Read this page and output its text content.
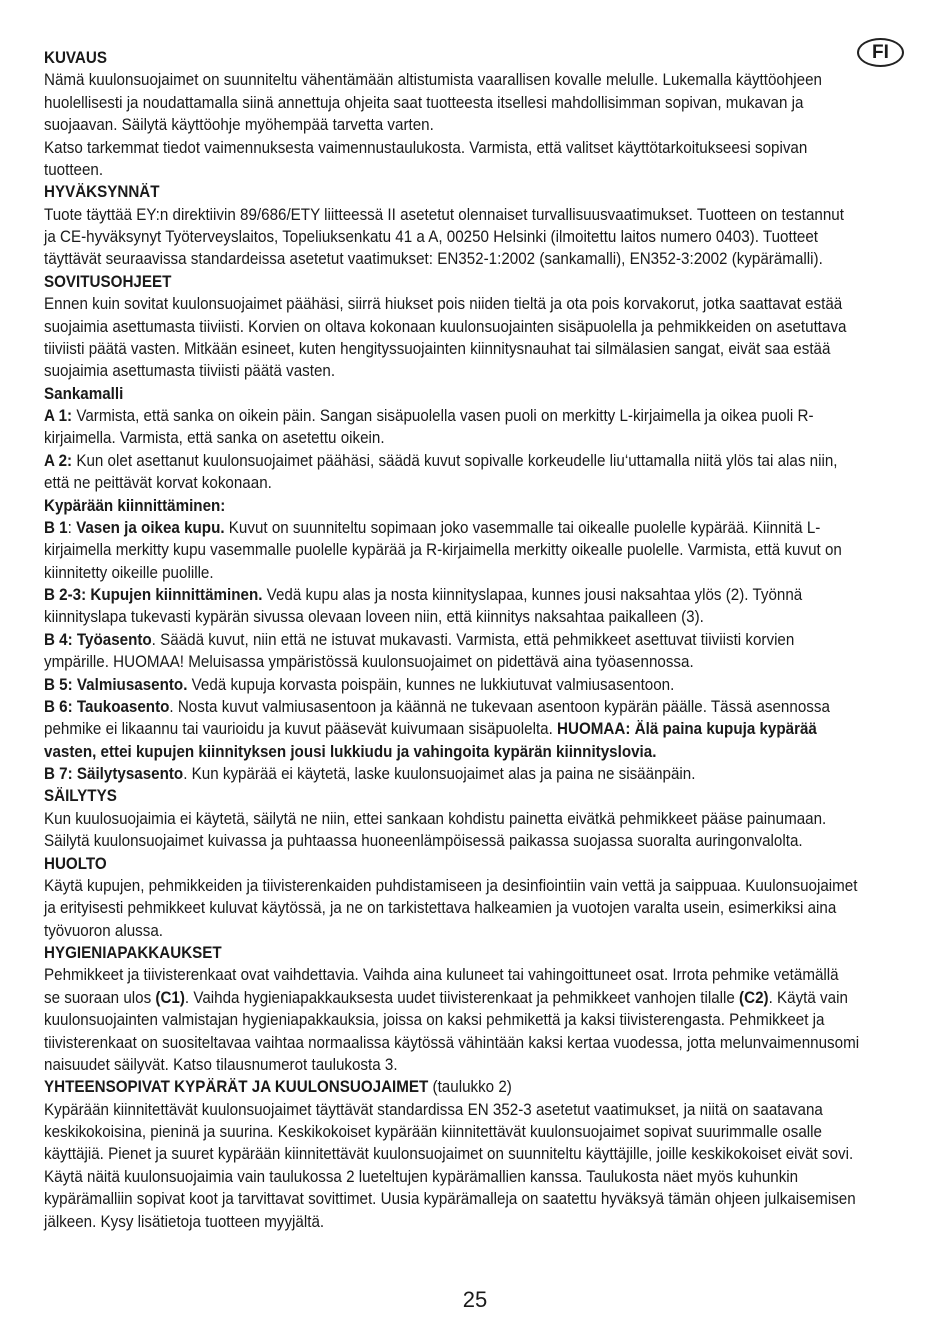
FI
KUVAUS
Nämä kuulonsuojaimet on suunniteltu vähentämään altistumista vaarallisen kovalle melulle. Lukemalla käyttöohjeen
huolellisesti ja noudattamalla siinä annettuja ohjeita saat tuotteesta itsellesi mahdollisimman sopivan, mukavan ja
suojaavan. Säilytä käyttöohje myöhempää tarvetta varten.
Katso tarkemmat tiedot vaimennuksesta vaimennustaulukosta. Varmista, että valitset käyttötarkoitukseesi sopivan
tuotteen.
HYVÄKSYNNÄT
Tuote täyttää EY:n direktiivin 89/686/ETY liitteessä II asetetut olennaiset turvallisuusvaatimukset. Tuotteen on testannut
ja CE-hyväksynyt Työterveyslaitos, Topeliuksenkatu 41 a A, 00250 Helsinki (ilmoitettu laitos numero 0403). Tuotteet
täyttävät seuraavissa standardeissa asetetut vaatimukset: EN352-1:2002 (sankamalli), EN352-3:2002 (kypärämalli).
SOVITUSOHJEET
Ennen kuin sovitat kuulonsuojaimet päähäsi, siirrä hiukset pois niiden tieltä ja ota pois korvakorut, jotka saattavat estää
suojaimia asettumasta tiiviisti. Korvien on oltava kokonaan kuulonsuojainten sisäpuolella ja pehmikkeiden on asetuttava
tiiviisti päätä vasten. Mitkään esineet, kuten hengityssuojainten kiinnitysnauhat tai silmälasien sangat, eivät saa estää
suojaimia asettumasta tiiviisti päätä vasten.
Sankamalli
A 1: Varmista, että sanka on oikein päin. Sangan sisäpuolella vasen puoli on merkitty L-kirjaimella ja oikea puoli R-
kirjaimella. Varmista, että sanka on asetettu oikein.
A 2: Kun olet asettanut kuulonsuojaimet päähäsi, säädä kuvut sopivalle korkeudelle liu‘uttamalla niitä ylös tai alas niin,
että ne peittävät korvat kokonaan.
Kypärään kiinnittäminen:
B 1: Vasen ja oikea kupu. Kuvut on suunniteltu sopimaan joko vasemmalle tai oikealle puolelle kypärää. Kiinnitä L-
kirjaimella merkitty kupu vasemmalle puolelle kypärää ja R-kirjaimella merkitty oikealle puolelle. Varmista, että kuvut on
kiinnitetty oikeille puolille.
B 2-3: Kupujen kiinnittäminen. Vedä kupu alas ja nosta kiinnityslapaa, kunnes jousi naksahtaa ylös (2). Työnnä
kiinnityslapa tukevasti kypärän sivussa olevaan loveen niin, että kiinnitys naksahtaa paikalleen (3).
B 4: Työasento. Säädä kuvut, niin että ne istuvat mukavasti. Varmista, että pehmikkeet asettuvat tiiviisti korvien
ympärille. HUOMAA! Meluisassa ympäristössä kuulonsuojaimet on pidettävä aina työasennossa.
B 5: Valmiusasento. Vedä kupuja korvasta poispäin, kunnes ne lukkiutuvat valmiusasentoon.
B 6: Taukoasento. Nosta kuvut valmiusasentoon ja käännä ne tukevaan asentoon kypärän päälle. Tässä asennossa
pehmike ei likaannu tai vaurioidu ja kuvut pääsevät kuivumaan sisäpuolelta. HUOMAA: Älä paina kupuja kypärää
vasten, ettei kupujen kiinnityksen jousi lukkiudu ja vahingoita kypärän kiinnityslovia.
B 7: Säilytysasento. Kun kypärää ei käytetä, laske kuulonsuojaimet alas ja paina ne sisäänpäin.
SÄILYTYS
Kun kuulosuojaimia ei käytetä, säilytä ne niin, ettei sankaan kohdistu painetta eivätkä pehmikkeet pääse painumaan.
Säilytä kuulonsuojaimet kuivassa ja puhtaassa huoneenlämpöisessä paikassa suojassa suoralta auringonvalolta.
HUOLTO
Käytä kupujen, pehmikkeiden ja tiivisterenkaiden puhdistamiseen ja desinfiointiin vain vettä ja saippuaa. Kuulonsuojaimet
ja erityisesti pehmikkeet kuluvat käytössä, ja ne on tarkistettava halkeamien ja vuotojen varalta usein, esimerkiksi aina
työvuoron alussa.
HYGIENIAPAKKAUKSET
Pehmikkeet ja tiivisterenkaat ovat vaihdettavia. Vaihda aina kuluneet tai vahingoittuneet osat. Irrota pehmike vetämällä
se suoraan ulos (C1). Vaihda hygieniapakkauksesta uudet tiivisterenkaat ja pehmikkeet vanhojen tilalle (C2). Käytä vain
kuulonsuojainten valmistajan hygieniapakkauksia, joissa on kaksi pehmikettä ja kaksi tiivisterengasta. Pehmikkeet ja
tiivisterenkaat on suositeltavaa vaihtaa normaalissa käytössä vähintään kaksi kertaa vuodessa, jotta melunvaimennusomi
naisuudet säilyvät. Katso tilausnumerot taulukosta 3.
YHTEENSOPIVAT KYPÄRÄT JA KUULONSUOJAIMET (taulukko 2)
Kypärään kiinnitettävät kuulonsuojaimet täyttävät standardissa EN 352-3 asetetut vaatimukset, ja niitä on saatavana
keskikokoisina, pieninä ja suurina. Keskikokoiset kypärään kiinnitettävät kuulonsuojaimet sopivat suurimmalle osalle
käyttäjiä. Pienet ja suuret kypärään kiinnitettävät kuulonsuojaimet on suunniteltu käyttäjille, joille keskikokoiset eivät sovi.
Käytä näitä kuulonsuojaimia vain taulukossa 2 lueteltujen kypärämallien kanssa. Taulukosta näet myös kuhunkin
kypärämalliin sopivat koot ja tarvittavat sovittimet. Uusia kypärämalleja on saatettu hyväksyä tämän ohjeen julkaisemisen
jälkeen. Kysy lisätietoja tuotteen myyjältä.
25
